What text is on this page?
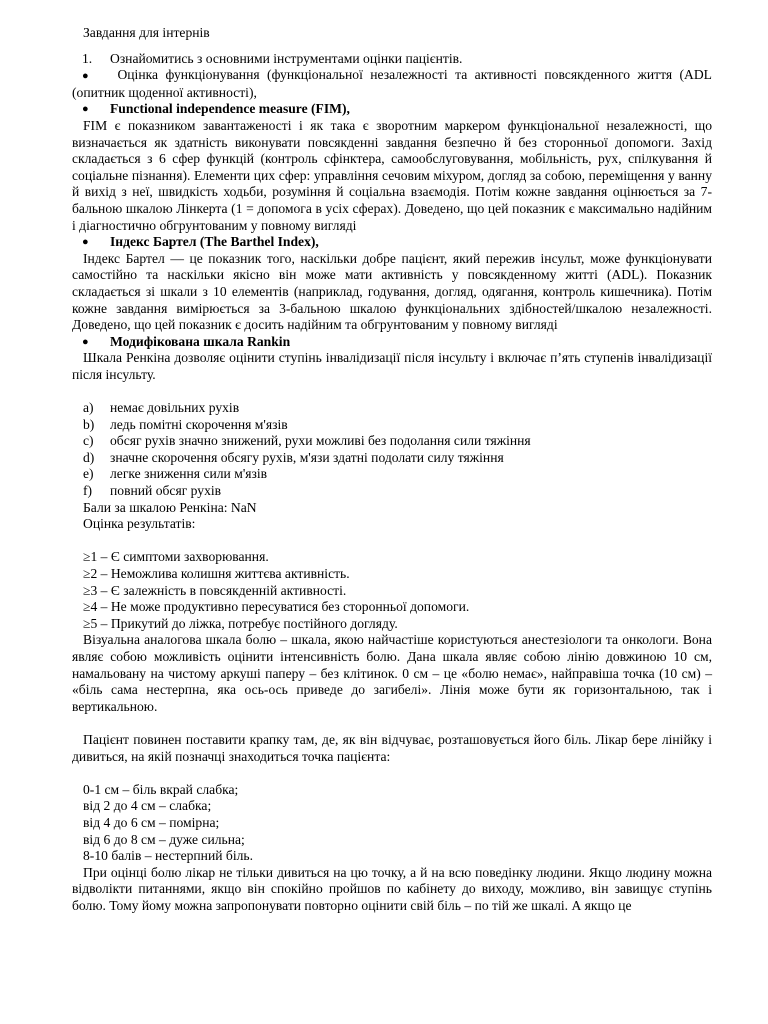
Завдання для інтернів
1.	Ознайомитись з основними інструментами оцінки пацієнтів.
● Оцінка функціонування (функціональної незалежності та активності повсякденного життя (ADL (опитник щоденної активності),
●	Functional independence measure (FIM),
FIM є показником завантаженості і як така є зворотним маркером функціональної незалежності, що визначається як здатність виконувати повсякденні завдання безпечно й без сторонньої допомоги. Захід складається з 6 сфер функцій (контроль сфінктера, самообслуговування, мобільність, рух, спілкування й соціальне пізнання). Елементи цих сфер: управління сечовим міхуром, догляд за собою, переміщення у ванну й вихід з неї, швидкість ходьби, розуміння й соціальна взаємодія. Потім кожне завдання оцінюється за 7-бальною шкалою Лінкерта (1 = допомога в усіх сферах). Доведено, що цей показник є максимально надійним і діагностично обгрунтованим у повному вигляді
●	Індекс Бартел (The Barthel Index),
Індекс Бартел — це показник того, наскільки добре пацієнт, який пережив інсульт, може функціонувати самостійно та наскільки якісно він може мати активність у повсякденному житті (ADL). Показник складається зі шкали з 10 елементів (наприклад, годування, догляд, одягання, контроль кишечника). Потім кожне завдання вимірюється за 3-бальною шкалою функціональних здібностей/шкалою незалежності. Доведено, що цей показник є досить надійним та обгрунтованим у повному вигляді
●	Модифікована шкала Rankin
Шкала Ренкіна дозволяє оцінити ступінь інвалідизації після інсульту і включає п’ять ступенів інвалідизації після інсульту.
a)	немає довільних рухів
b)	ледь помітні скорочення м'язів
c)	обсяг рухів значно знижений, рухи можливі без подолання сили тяжіння
d)	значне скорочення обсягу рухів, м'язи здатні подолати силу тяжіння
e)	легке зниження сили м'язів
f)	повний обсяг рухів
Бали за шкалою Ренкіна: NaN
Оцінка результатів:
≥1 – Є симптоми захворювання.
≥2 – Неможлива колишня життєва активність.
≥3 – Є залежність в повсякденній активності.
≥4 – Не може продуктивно пересуватися без сторонньої допомоги.
≥5 – Прикутий до ліжка, потребує постійного догляду.
Візуальна аналогова шкала болю – шкала, якою найчастіше користуються анестезіологи та онкологи. Вона являє собою можливість оцінити інтенсивність болю. Дана шкала являє собою лінію довжиною 10 см, намальовану на чистому аркуші паперу – без клітинок. 0 см – це «болю немає», найправіша точка (10 см) – «біль сама нестерпна, яка ось-ось приведе до загибелі». Лінія може бути як горизонтальною, так і вертикальною.
Пацієнт повинен поставити крапку там, де, як він відчуває, розташовується його біль. Лікар бере лінійку і дивиться, на якій позначці знаходиться точка пацієнта:
0-1 см – біль вкрай слабка;
від 2 до 4 см – слабка;
від 4 до 6 см – помірна;
від 6 до 8 см – дуже сильна;
8-10 балів – нестерпний біль.
При оцінці болю лікар не тільки дивиться на цю точку, а й на всю поведінку людини. Якщо людину можна відволікти питаннями, якщо він спокійно пройшов по кабінету до виходу, можливо, він завищує ступінь болю. Тому йому можна запропонувати повторно оцінити свій біль – по тій же шкалі. А якщо це
